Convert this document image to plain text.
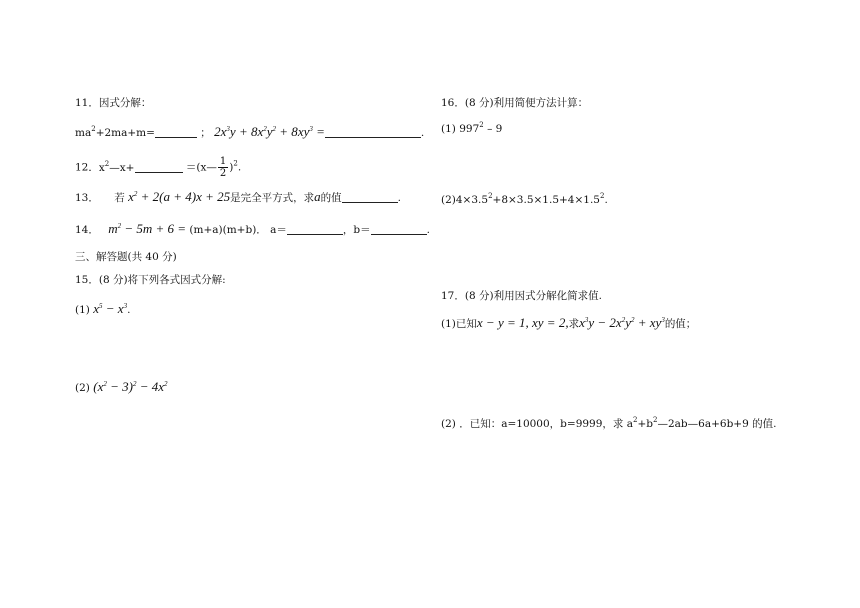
11．因式分解：
$ma^2+2ma+m=$	； $2x^3y + 8x^2y^2 + 8xy^3$ =	.
12．$x^2—x+$	＝(x— $\frac{1}{2} )^2$.
13． 若 $x^2 + 2(a + 4)x + 25$是完全平方式，求a的值	.
14． $m^2 - 5m + 6 = (m+a)(m+b)$． a＝	，b＝	.
三、解答题(共 40 分)
15．(8 分)将下列各式因式分解:
(1) $x^5 - x^3$.
(2) $(x^2 - 3)^2 - 4x^2$
16．(8 分)利用简便方法计算：
(1) $997^2 - 9$
$(2)4\times 3.5^2+8\times 3.5\times 1.5+4\times 1.5^2$.
17．(8 分)利用因式分解化简求值.
(1)已知x − y = 1, xy = 2,求$x^3y - 2x^2y^2 + xy^3$的值；
(2) ．已知：a=10000，b=9999，求 $a^2+b^2—2ab—6a+6b+9$ 的值.
